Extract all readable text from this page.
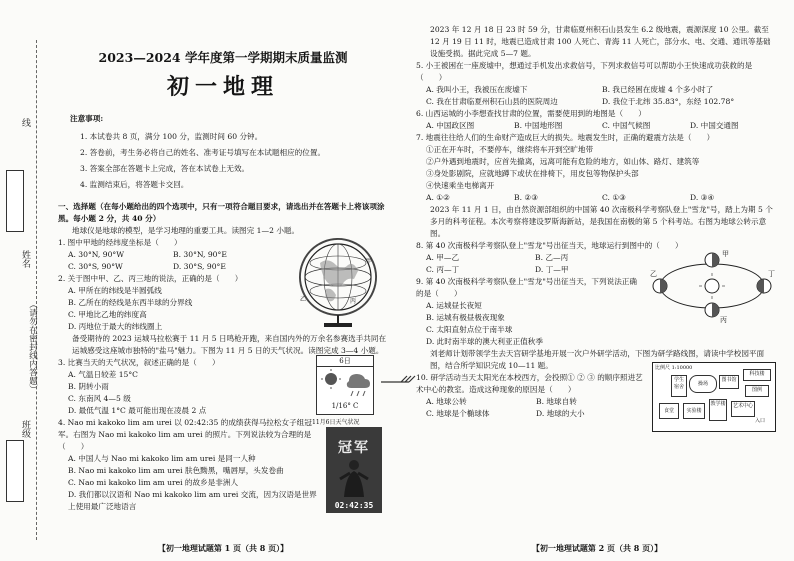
线
姓名
（请勿在密封线内答题）
班级
2023—2024 学年度第一学期期末质量监测
初一地理

注意事项:

1. 本试卷共 8 页，满分 100 分，监测时间 60 分钟。

2. 答卷前，考生务必将自己的姓名、准考证号填写在本试题相应的位置。

3. 答案全部在答题卡上完成，答在本试卷上无效。

4. 监测结束后，将答题卡交回。

一、选择题（在每小题给出的四个选项中，只有一项符合题目要求，请选出并在答题卡上将该项涂黑。每小题 2 分，共 40 分）

地球仪是地球的模型，是学习地理的重要工具。读图完 1—2 小题。

1. 图中甲地的经纬度坐标是（　　）

A. 30°N, 90°W	B. 30°N, 90°E
C. 30°S, 90°W	D. 30°S, 90°E

2. 关于图中甲、乙、丙三地的说法，正确的是（　　）

A. 甲所在的纬线是半圆弧线

B. 乙所在的经线是东西半球的分界线

C. 甲地比乙地的纬度高

D. 丙地位于最大的纬线圈上

乙
甲
丙

备受期待的 2023 运城马拉松赛于 11 月 5 日鸣枪开跑，来自国内外的万余名参赛选手共同在运城感受这座城市独特的"盐马"魅力。下图为 11 月 5 日的天气状况。读图完成 3—4 小题。

3. 比赛当天的天气状况，叙述正确的是（　　）

A. 气温日较差 15°C

B. 阴转小雨

C. 东南风 4—5 级

D. 最低气温 1°C 最可能出现在凌晨 2 点

6日
1/16° C
11月6日天气状况

4. Nao mi kakoko lim am urei 以 02:42:35 的成绩获得马拉松女子组冠军。右图为 Nao mi kakoko lim am urei 的照片。下列说法较为合理的是（　　）

A. 中国人与 Nao mi kakoko lim am urei 是同一人种

B. Nao mi kakoko lim am urei 肤色黝黑，嘴唇厚，头发卷曲

C. Nao mi kakoko lim am urei 的故乡是非洲人

D. 我们都以汉语和 Nao mi kakoko lim am urei 交流，因为汉语是世界上使用最广泛地语言

冠军
02:42:35
【初一地理试题第 1 页（共 8 页）】

2023 年 12 月 18 日 23 时 59 分，甘肃临夏州积石山县发生 6.2 级地震，震源深度 10 公里。截至 12 月 19 日 11 时，地震已造成甘肃 100 人死亡、青海 11 人死亡，部分水、电、交通、通讯等基础设施受损。据此完成 5—7 题。

5. 小王被困在一座废墟中，想通过手机发出求救信号，下列求救信号可以帮助小王快速成功获救的是（　　）

A. 我叫小王，我被压在废墟下	B. 我已经困在废墟 4 个多小时了
C. 我在甘肃临夏州积石山县的医院周边	D. 我位于北纬 35.83°，东经 102.78°

6. 山西运城的小李想查找甘肃的位置，需要使用到的地图是（　　）

A. 中国政区图	B. 中国地形图	C. 中国气候图	D. 中国交通图

7. 地震往往给人们的生命财产造成巨大的损失。地震发生时，正确的避震方法是（　　）

①正在开车时，不要停车，继续将车开到空旷地带

②户外遇到地震时，应首先撤离，远离可能有危险的地方，如山体、路灯、建筑等

③身处影剧院，应就地蹲下或伏在排椅下，用皮包等物保护头部

④快速乘坐电梯离开

A. ①②	B. ②③	C. ①③	D. ③④

2023 年 11 月 1 日，由自然资源部组织的中国第 40 次南极科学考察队登上"雪龙"号，踏上为期 5 个多月的科考征程。本次考察将建设罗斯海新站，是我国在南极的第 5 个科考站。右图为地球公转示意图。

8. 第 40 次南极科学考察队登上"雪龙"号出征当天，地球运行到图中的（　　）

A. 甲—乙	B. 乙—丙
C. 丙—丁	D. 丁—甲

9. 第 40 次南极科学考察队登上"雪龙"号出征当天，下列说法正确的是（　　）

A. 运城昼长夜短

B. 运城有极昼极夜现象

C. 太阳直射点位于南半球

D. 此时南半球的澳大利亚正值秋季

甲
乙
丙
丁

刘老师计划带领学生去天宫研学基地开展一次户外研学活动，下图为研学路线图，请读中学校园平面图，结合所学知识完成 10—11 题。

10. 研学活动当天太阳光在本校西方，会投照① ② ③ 的顺序照进艺术中心的教室。造成这种现象的原因是（　　）

A. 地球公转	B. 地球自转
C. 地球是个椭球体	D. 地球的大小
比例尺 1:10000
学生宿舍	操场
图书馆
科技楼
图例
食堂	实验楼
教学楼	艺术中心
入口
【初一地理试题第 2 页（共 8 页）】
